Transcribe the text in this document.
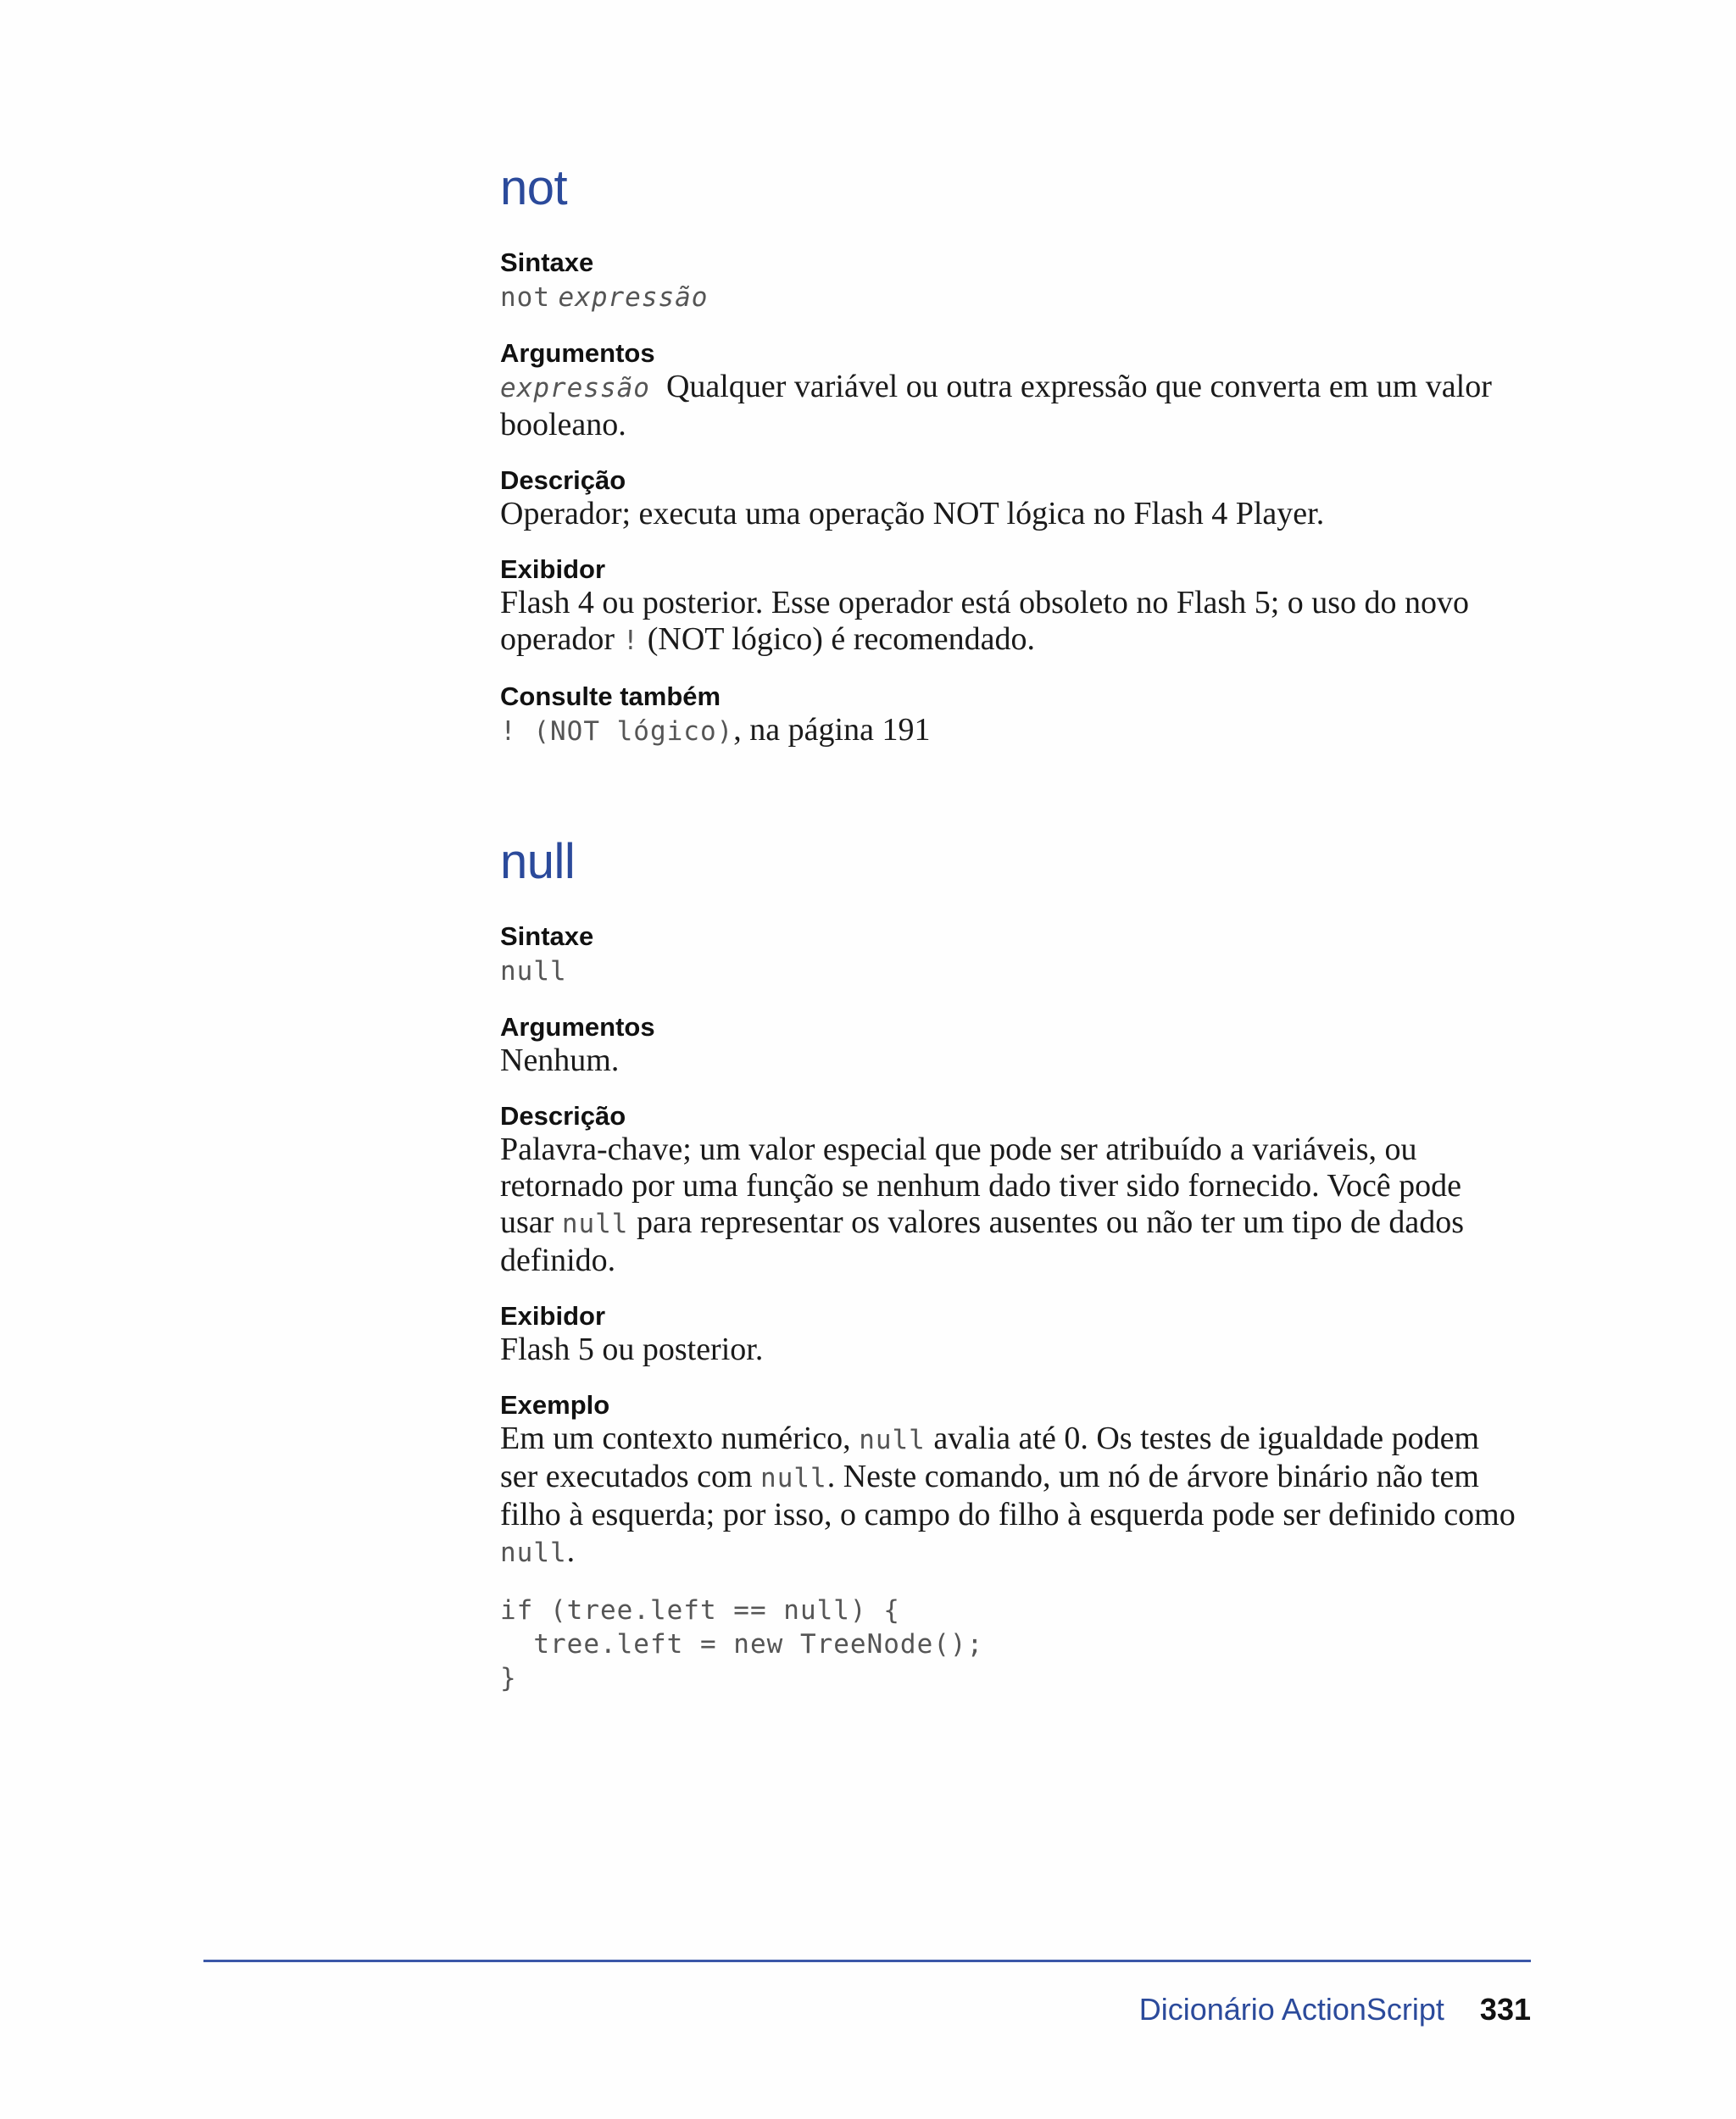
not

Sintaxe

not expressão

Argumentos

expressão Qualquer variável ou outra expressão que converta em um valor booleano.

Descrição

Operador; executa uma operação NOT lógica no Flash 4 Player.

Exibidor

Flash 4 ou posterior. Esse operador está obsoleto no Flash 5; o uso do novo operador ! (NOT lógico) é recomendado.

Consulte também

! (NOT lógico), na página 191

null

Sintaxe

null

Argumentos

Nenhum.

Descrição

Palavra-chave; um valor especial que pode ser atribuído a variáveis, ou retornado por uma função se nenhum dado tiver sido fornecido. Você pode usar null para representar os valores ausentes ou não ter um tipo de dados definido.

Exibidor

Flash 5 ou posterior.

Exemplo

Em um contexto numérico, null avalia até 0. Os testes de igualdade podem ser executados com null. Neste comando, um nó de árvore binário não tem filho à esquerda; por isso, o campo do filho à esquerda pode ser definido como null.

if (tree.left == null) {
tree.left = new TreeNode();
}
Dicionário ActionScript 331
